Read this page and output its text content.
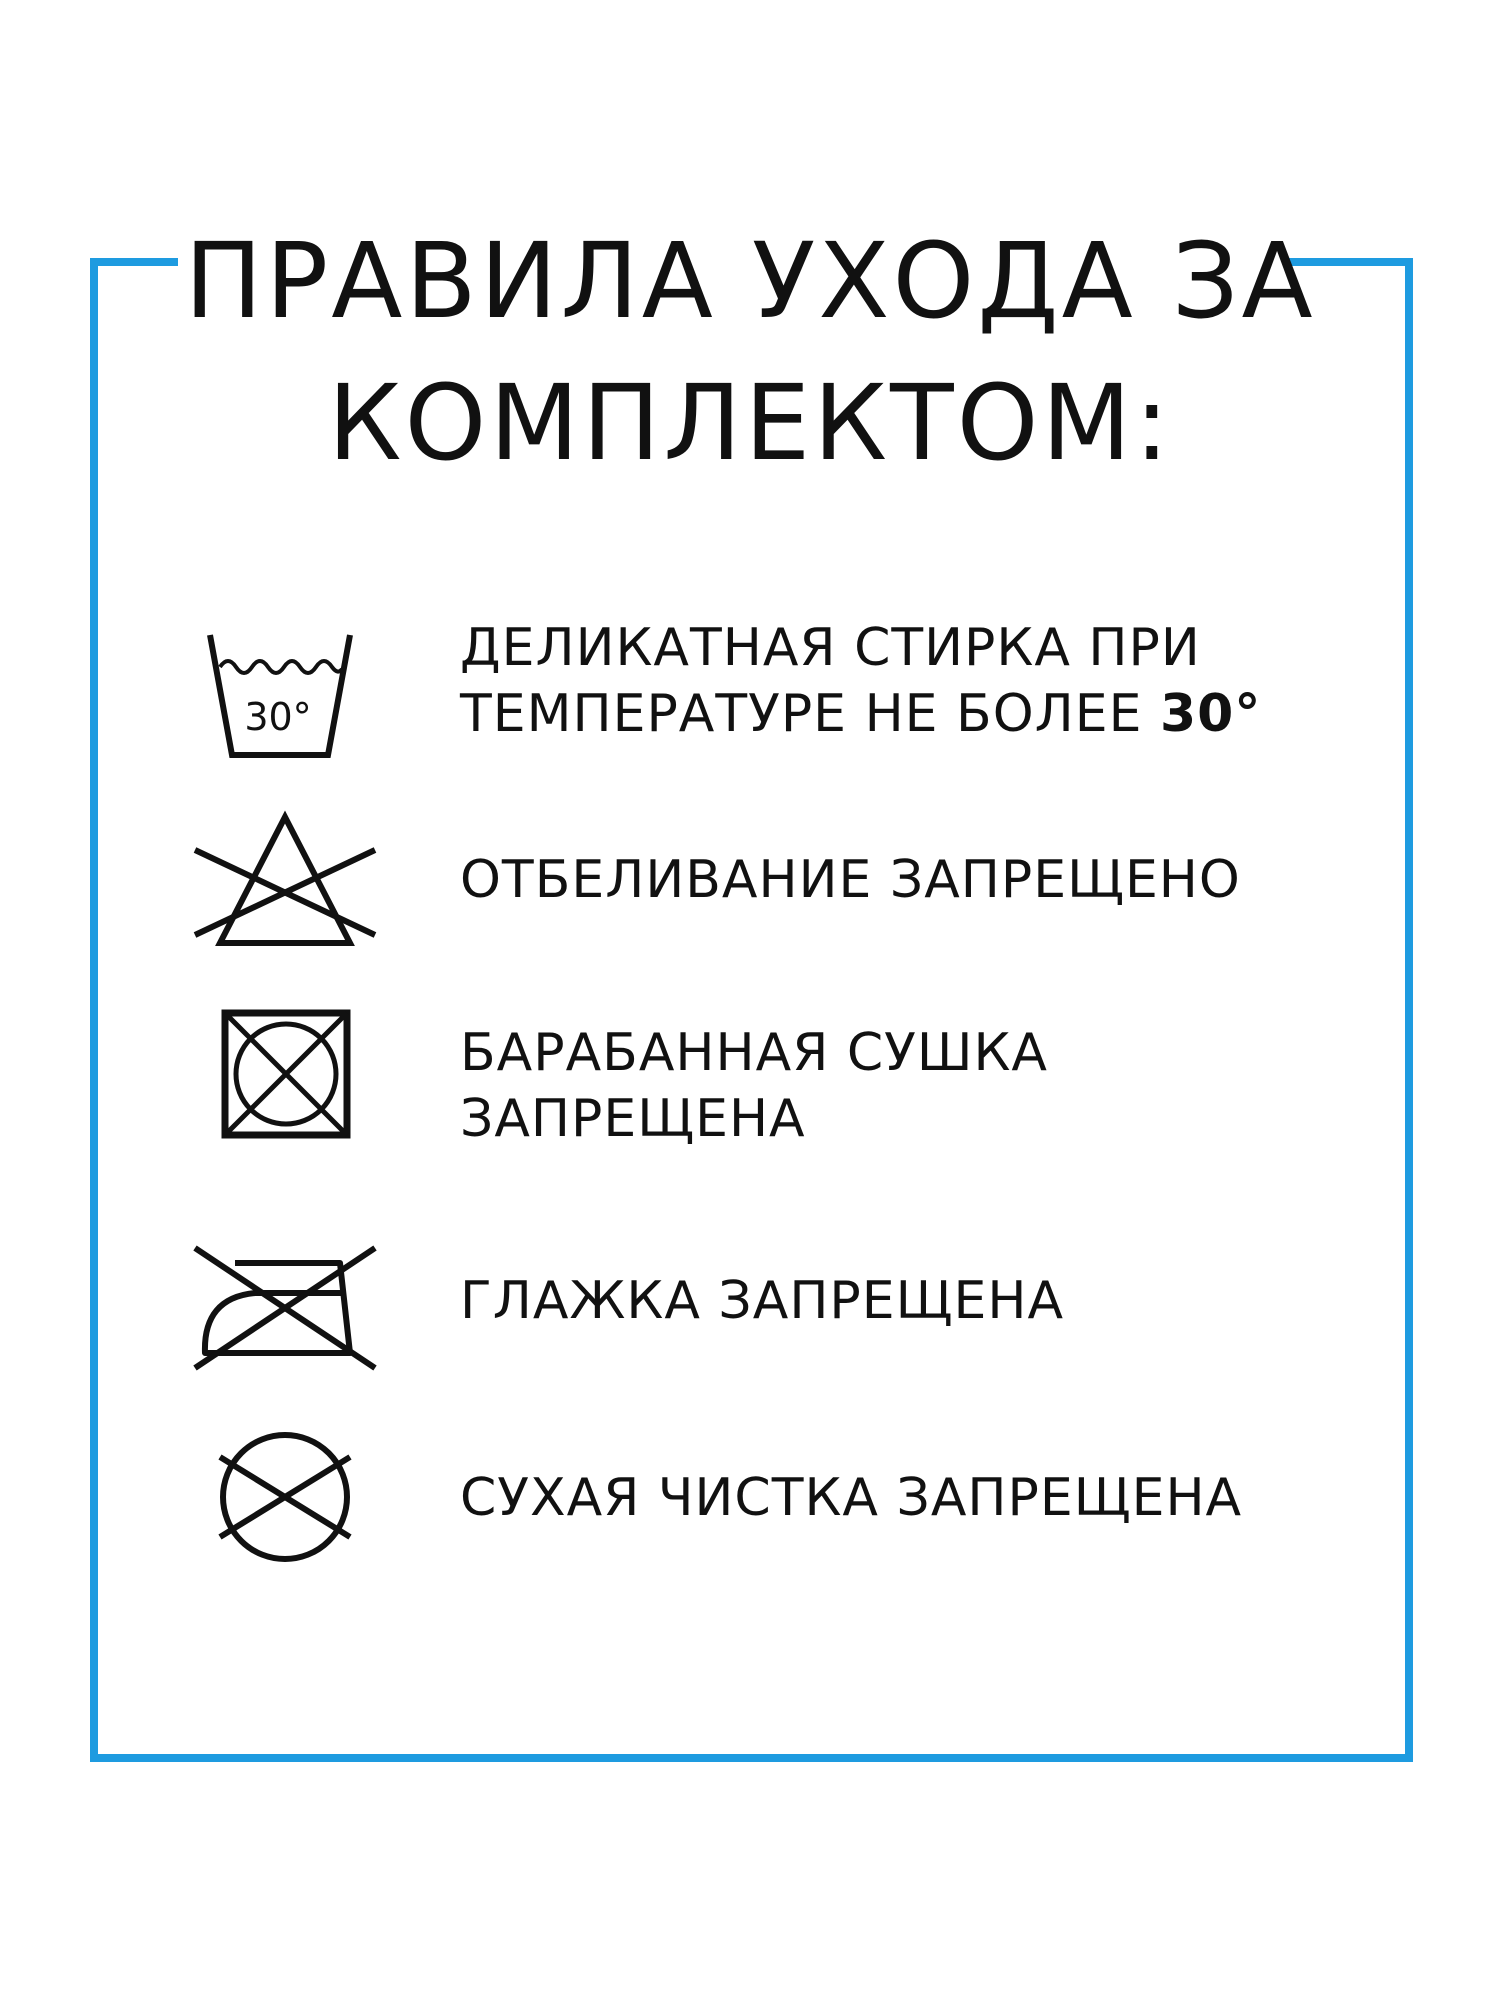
ПРАВИЛА УХОДА ЗА
КОМПЛЕКТОМ:
30°
ДЕЛИКАТНАЯ СТИРКА ПРИ
ТЕМПЕРАТУРЕ НЕ БОЛЕЕ 30°
ОТБЕЛИВАНИЕ ЗАПРЕЩЕНО
БАРАБАННАЯ СУШКА
ЗАПРЕЩЕНА
ГЛАЖКА ЗАПРЕЩЕНА
СУХАЯ ЧИСТКА ЗАПРЕЩЕНА
